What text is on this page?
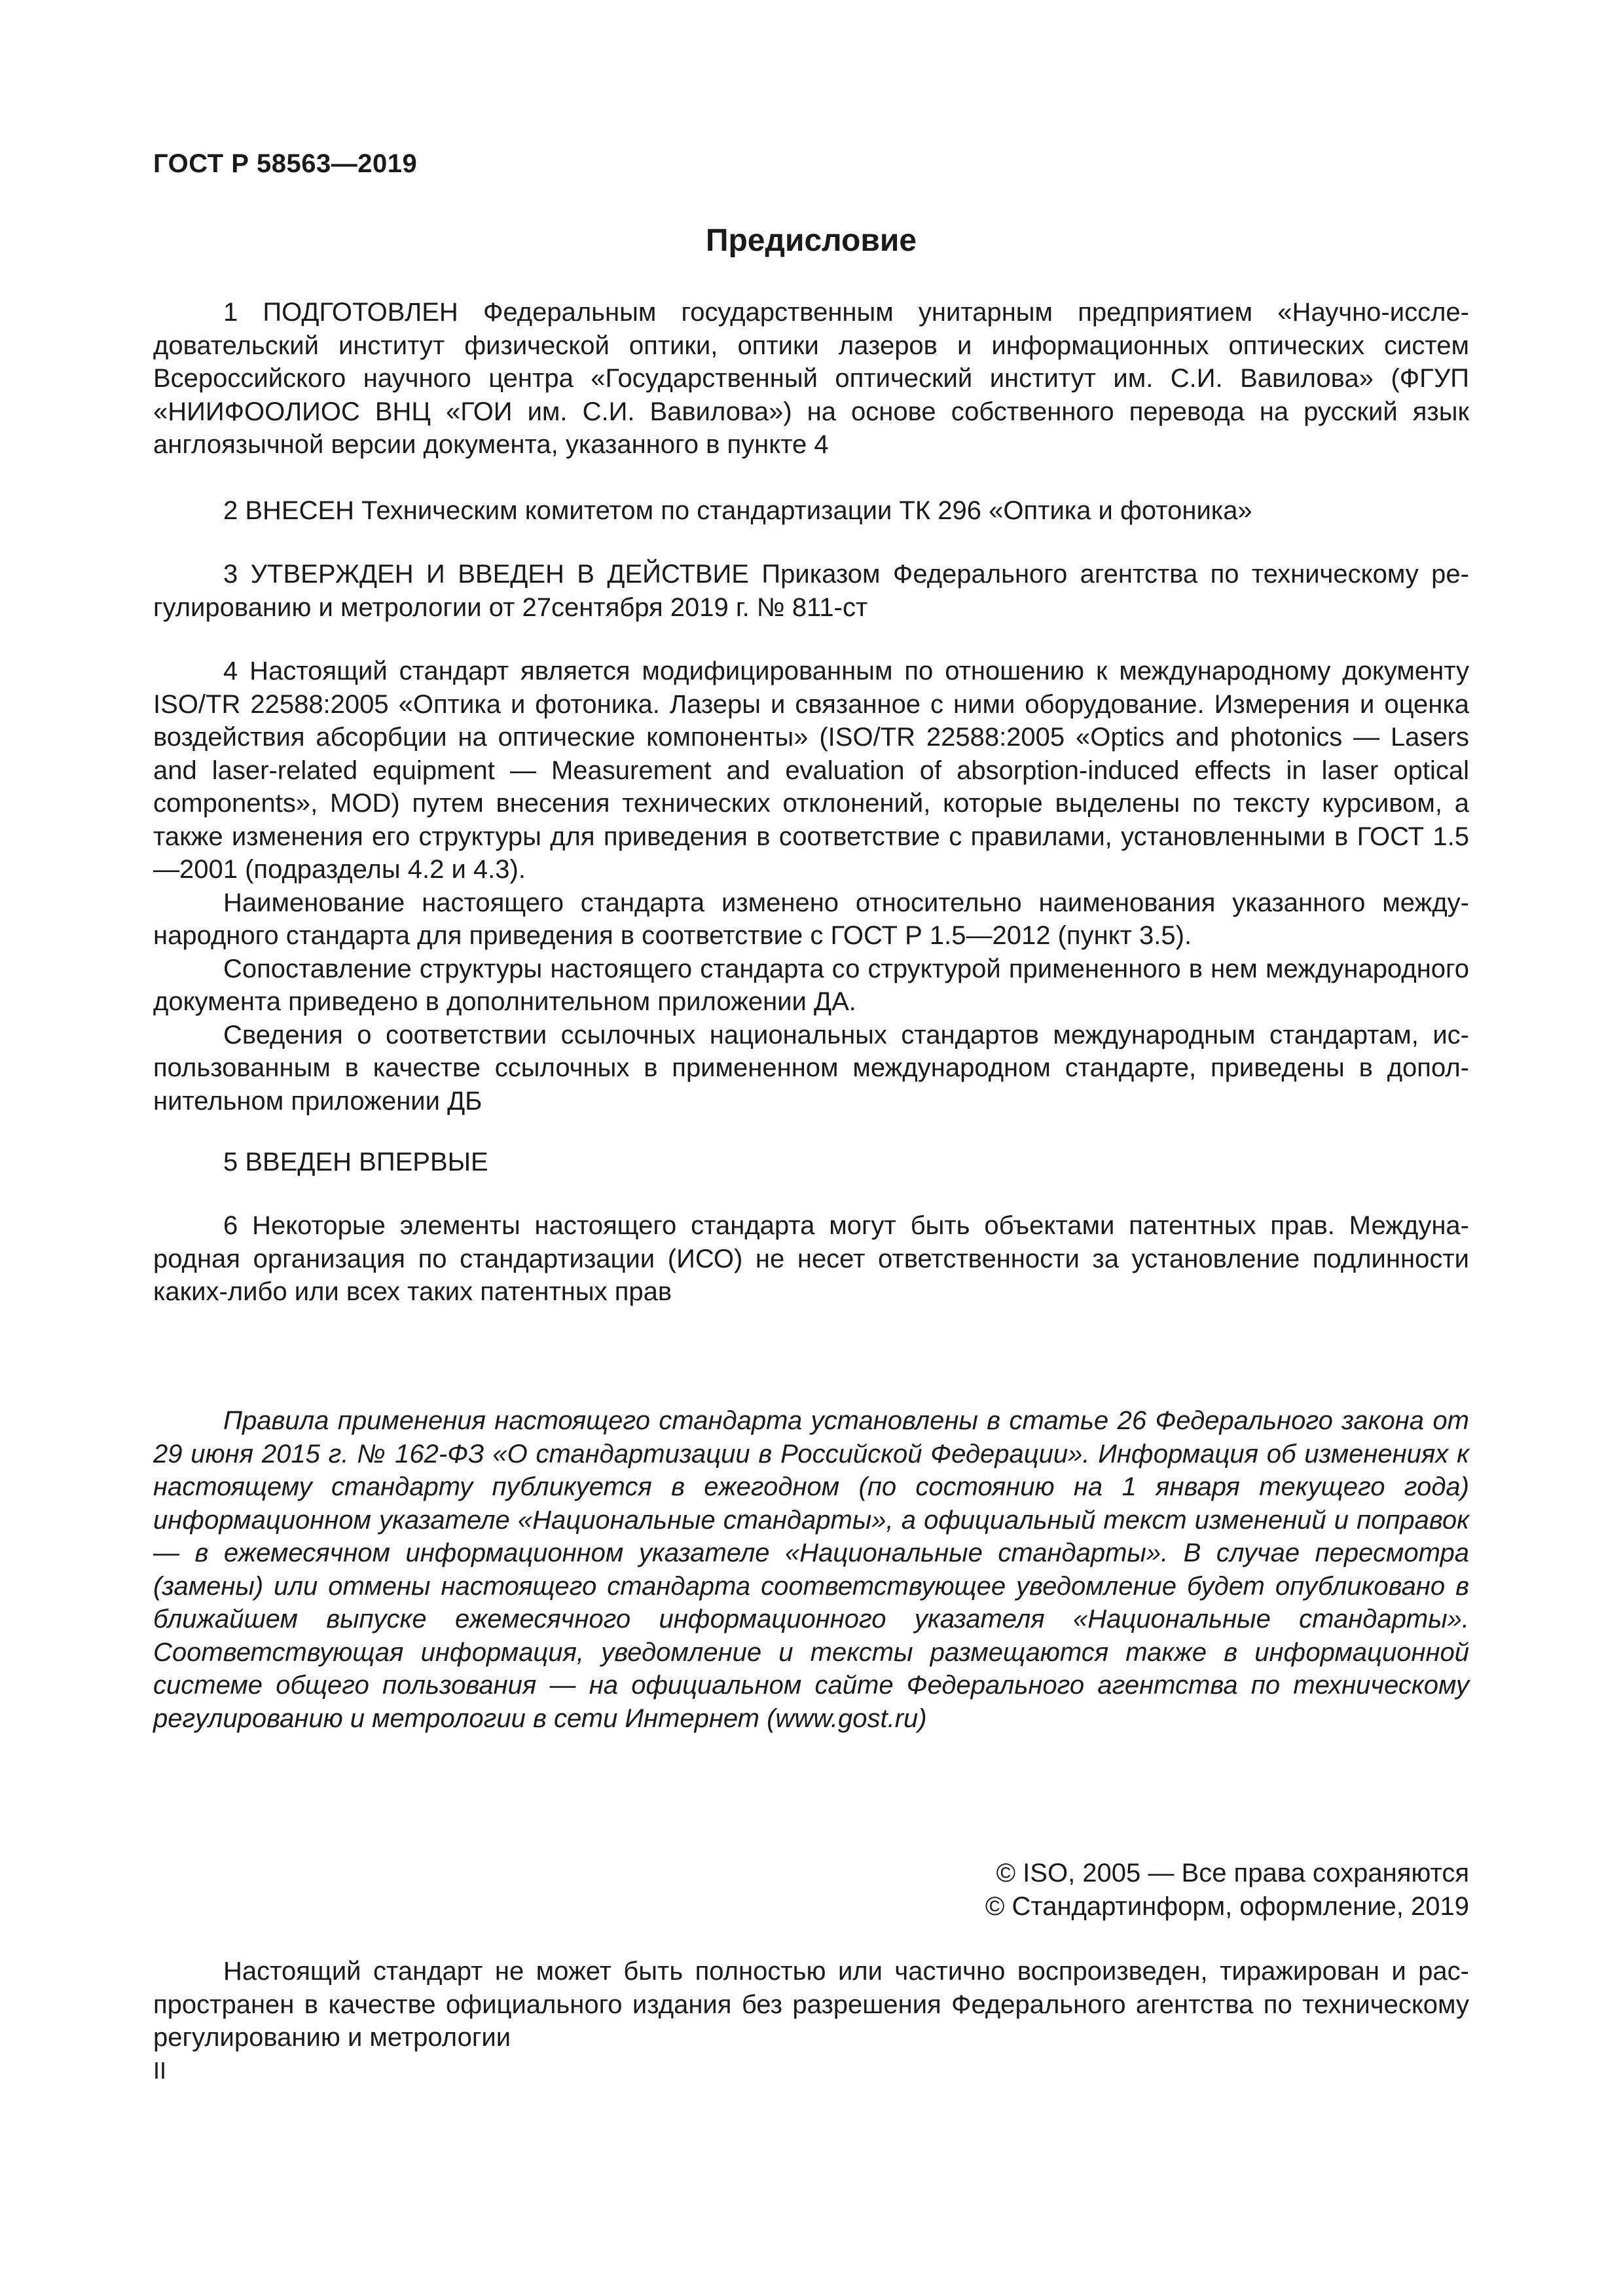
ГОСТ Р 58563—2019
Предисловие

1 ПОДГОТОВЛЕН Федеральным государственным унитарным предприятием «Научно-исследовательский институт физической оптики, оптики лазеров и информационных оптических систем Всероссийского научного центра «Государственный оптический институт им. С.И. Вавилова» (ФГУП «НИИФООЛИОС ВНЦ «ГОИ им. С.И. Вавилова») на основе собственного перевода на русский язык англоязычной версии документа, указанного в пункте 4

2 ВНЕСЕН Техническим комитетом по стандартизации ТК 296 «Оптика и фотоника»

3 УТВЕРЖДЕН И ВВЕДЕН В ДЕЙСТВИЕ Приказом Федерального агентства по техническому регулированию и метрологии от 27сентября 2019 г. № 811-ст

4 Настоящий стандарт является модифицированным по отношению к международному документу ISO/TR 22588:2005 «Оптика и фотоника. Лазеры и связанное с ними оборудование. Измерения и оценка воздействия абсорбции на оптические компоненты» (ISO/TR 22588:2005 «Optics and photonics — Lasers and laser-related equipment — Measurement and evaluation of absorption-induced effects in laser optical components», MOD) путем внесения технических отклонений, которые выделены по тексту курсивом, а также изменения его структуры для приведения в соответствие с правилами, установленными в ГОСТ 1.5—2001 (подразделы 4.2 и 4.3).

Наименование настоящего стандарта изменено относительно наименования указанного международного стандарта для приведения в соответствие с ГОСТ Р 1.5—2012 (пункт 3.5).

Сопоставление структуры настоящего стандарта со структурой примененного в нем международного документа приведено в дополнительном приложении ДА.

Сведения о соответствии ссылочных национальных стандартов международным стандартам, использованным в качестве ссылочных в примененном международном стандарте, приведены в дополнительном приложении ДБ

5 ВВЕДЕН ВПЕРВЫЕ

6 Некоторые элементы настоящего стандарта могут быть объектами патентных прав. Международная организация по стандартизации (ИСО) не несет ответственности за установление подлинности каких-либо или всех таких патентных прав

Правила применения настоящего стандарта установлены в статье 26 Федерального закона от 29 июня 2015 г. № 162-ФЗ «О стандартизации в Российской Федерации». Информация об изменениях к настоящему стандарту публикуется в ежегодном (по состоянию на 1 января текущего года) информационном указателе «Национальные стандарты», а официальный текст изменений и поправок — в ежемесячном информационном указателе «Национальные стандарты». В случае пересмотра (замены) или отмены настоящего стандарта соответствующее уведомление будет опубликовано в ближайшем выпуске ежемесячного информационного указателя «Национальные стандарты». Соответствующая информация, уведомление и тексты размещаются также в информационной системе общего пользования — на официальном сайте Федерального агентства по техническому регулированию и метрологии в сети Интернет (www.gost.ru)

© ISO, 2005 — Все права сохраняются
© Стандартинформ, оформление, 2019

Настоящий стандарт не может быть полностью или частично воспроизведен, тиражирован и распространен в качестве официального издания без разрешения Федерального агентства по техническому регулированию и метрологии

II
